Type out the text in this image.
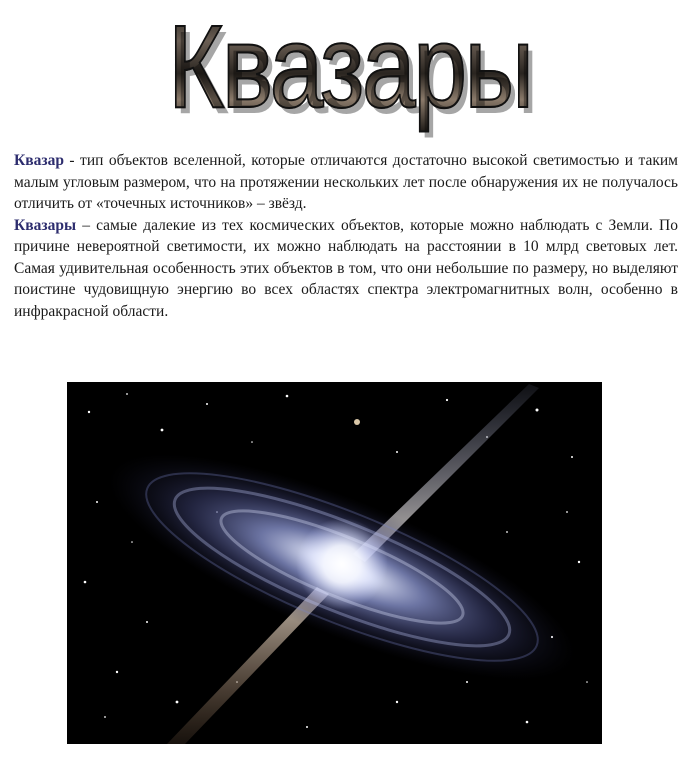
Квазары

Квазар - тип объектов вселенной, которые отличаются достаточно высокой светимостью и таким малым угловым размером, что на протяжении нескольких лет после обнаружения их не получалось отличить от «точечных источников» – звёзд.

Квазары – самые далекие из тех космических объектов, которые можно наблюдать с Земли. По причине невероятной светимости, их можно наблюдать на расстоянии в 10 млрд световых лет. Самая удивительная особенность этих объектов в том, что они небольшие по размеру, но выделяют поистине чудовищную энергию во всех областях спектра электромагнитных волн, особенно в инфракрасной области.
